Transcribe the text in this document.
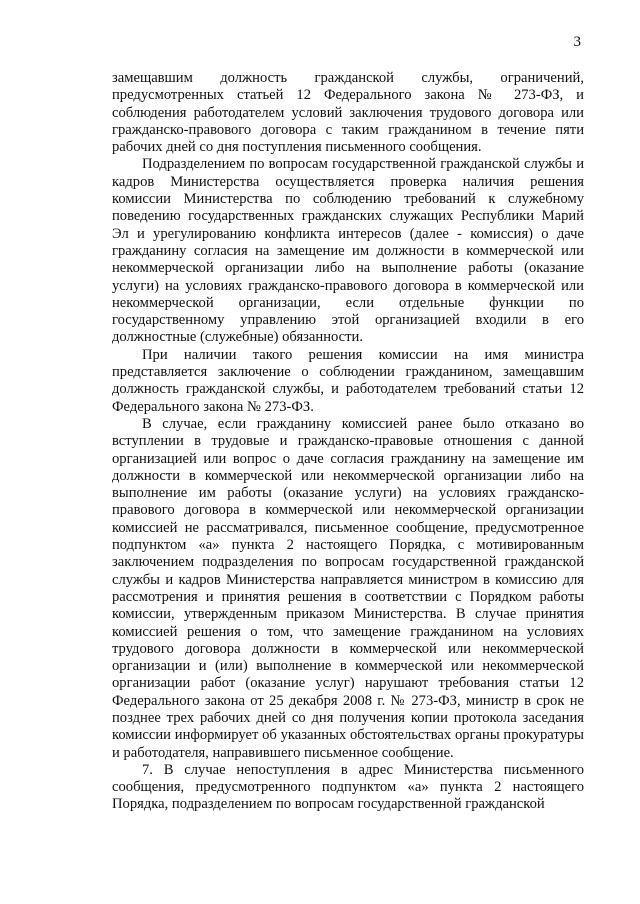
3

замещавшим должность гражданской службы, ограничений, предусмотренных статьей 12 Федерального закона № 273-ФЗ, и соблюдения работодателем условий заключения трудового договора или гражданско-правового договора с таким гражданином в течение пяти рабочих дней со дня поступления письменного сообщения.

Подразделением по вопросам государственной гражданской службы и кадров Министерства осуществляется проверка наличия решения комиссии Министерства по соблюдению требований к служебному поведению государственных гражданских служащих Республики Марий Эл и урегулированию конфликта интересов (далее - комиссия) о даче гражданину согласия на замещение им должности в коммерческой или некоммерческой организации либо на выполнение работы (оказание услуги) на условиях гражданско-правового договора в коммерческой или некоммерческой организации, если отдельные функции по государственному управлению этой организацией входили в его должностные (служебные) обязанности.

При наличии такого решения комиссии на имя министра представляется заключение о соблюдении гражданином, замещавшим должность гражданской службы, и работодателем требований статьи 12 Федерального закона № 273-ФЗ.

В случае, если гражданину комиссией ранее было отказано во вступлении в трудовые и гражданско-правовые отношения с данной организацией или вопрос о даче согласия гражданину на замещение им должности в коммерческой или некоммерческой организации либо на выполнение им работы (оказание услуги) на условиях гражданско-правового договора в коммерческой или некоммерческой организации комиссией не рассматривался, письменное сообщение, предусмотренное подпунктом «а» пункта 2 настоящего Порядка, с мотивированным заключением подразделения по вопросам государственной гражданской службы и кадров Министерства направляется министром в комиссию для рассмотрения и принятия решения в соответствии с Порядком работы комиссии, утвержденным приказом Министерства. В случае принятия комиссией решения о том, что замещение гражданином на условиях трудового договора должности в коммерческой или некоммерческой организации и (или) выполнение в коммерческой или некоммерческой организации работ (оказание услуг) нарушают требования статьи 12 Федерального закона от 25 декабря 2008 г. № 273-ФЗ, министр в срок не позднее трех рабочих дней со дня получения копии протокола заседания комиссии информирует об указанных обстоятельствах органы прокуратуры и работодателя, направившего письменное сообщение.

7. В случае непоступления в адрес Министерства письменного сообщения, предусмотренного подпунктом «а» пункта 2 настоящего Порядка, подразделением по вопросам государственной гражданской
